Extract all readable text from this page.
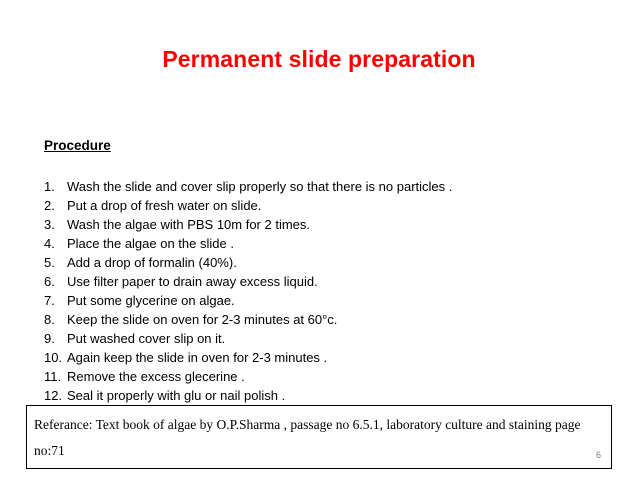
Permanent slide preparation
Procedure
1. Wash the slide and cover slip properly so that there is no particles .
2. Put a drop of fresh water on slide.
3. Wash the algae with PBS 10m for 2 times.
4. Place the algae on the slide .
5. Add a drop of formalin (40%).
6. Use filter paper to drain away excess liquid.
7. Put some glycerine on algae.
8. Keep the slide on oven for 2-3 minutes at 60°c.
9. Put washed cover slip on it.
10. Again keep the slide in oven for 2-3 minutes .
11. Remove the excess glecerine .
12. Seal it properly with glu or nail polish .
Referance: Text book of algae by O.P.Sharma , passage no 6.5.1, laboratory culture and staining page no:71	6
